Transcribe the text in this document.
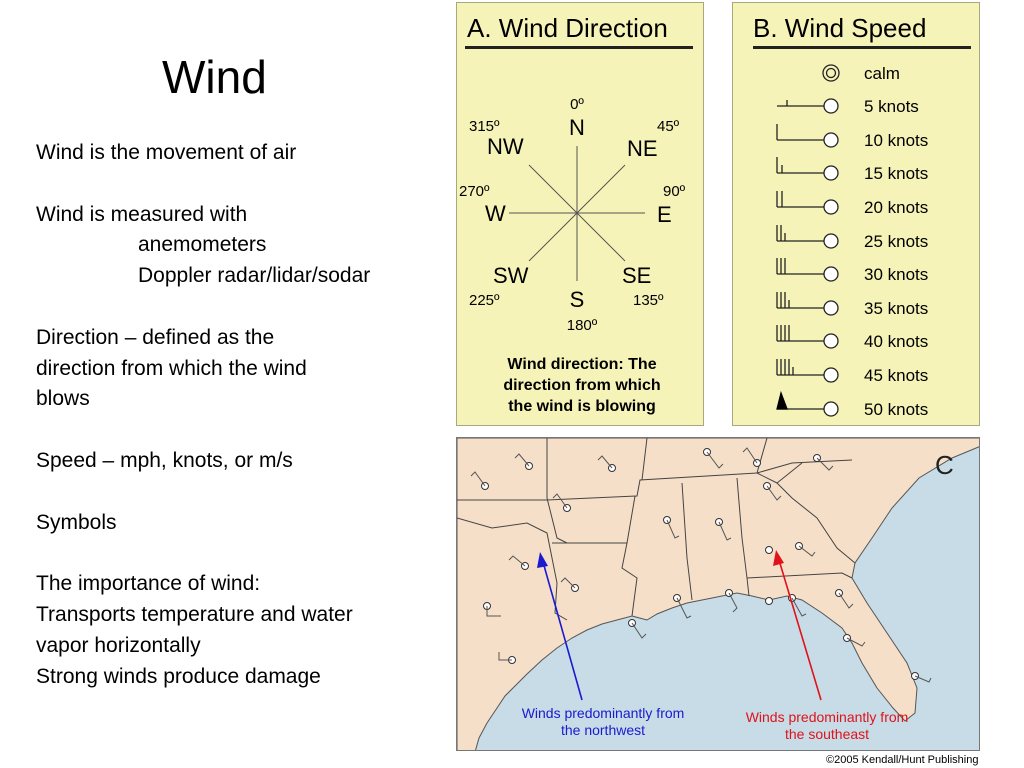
Wind
Wind is the movement of air
Wind is measured with
anemometers
Doppler radar/lidar/sodar
Direction – defined as the
direction from which the wind
blows
Speed – mph, knots, or m/s
Symbols
The importance of wind:
Transports temperature and water
vapor horizontally
Strong winds produce damage
A. Wind Direction
0º
N
315º
NW
45º
NE
270º
W
90º
E
SW
225º
SE
135º
S
180º
Wind direction: The
direction from which
the wind is blowing
B. Wind Speed
calm
5 knots
10 knots
15 knots
20 knots
25 knots
30 knots
35 knots
40 knots
45 knots
50 knots
C
Winds predominantly from
the northwest
Winds predominantly from
the southeast
©2005 Kendall/Hunt Publishing
